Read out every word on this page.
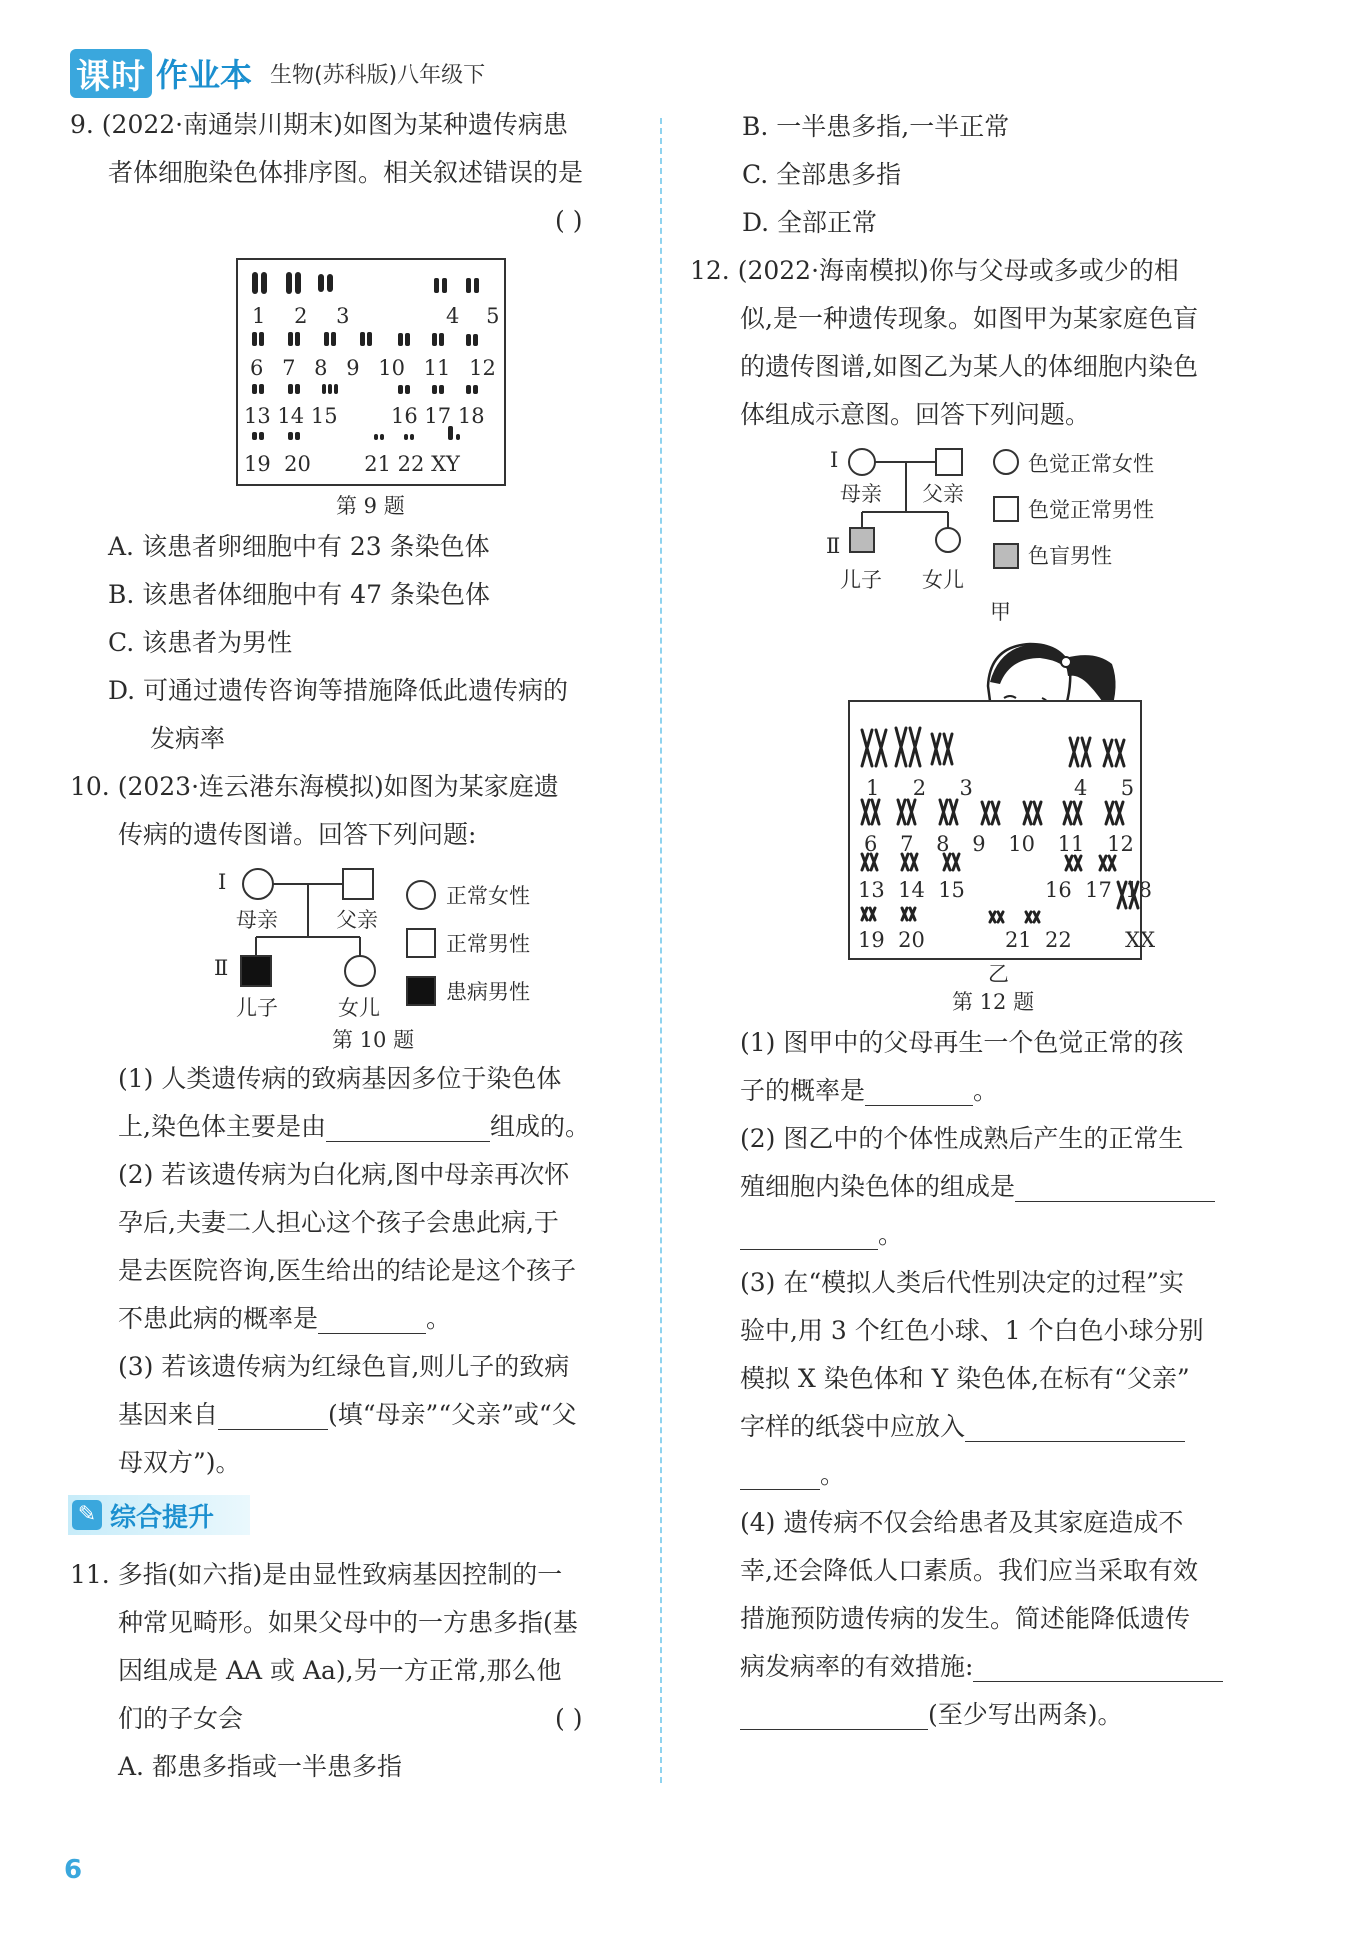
课时 作业本 生物(苏科版)八年级下
9. (2022·南通崇川期末)如图为某种遗传病患
者体细胞染色体排序图。相关叙述错误的是
( )
1 2 3	4 5
6 7 8 9 10 11 12
13 14 15	16 17 18
19 20	21 22 XY
第 9 题
A. 该患者卵细胞中有 23 条染色体
B. 该患者体细胞中有 47 条染色体
C. 该患者为男性
D. 可通过遗传咨询等措施降低此遗传病的
发病率
10. (2023·连云港东海模拟)如图为某家庭遗
传病的遗传图谱。回答下列问题:
Ⅰ
Ⅱ
母亲	父亲
儿子	女儿
正常女性
正常男性
患病男性
第 10 题
(1) 人类遗传病的致病基因多位于染色体
上,染色体主要是由	组成的。
(2) 若该遗传病为白化病,图中母亲再次怀
孕后,夫妻二人担心这个孩子会患此病,于
是去医院咨询,医生给出的结论是这个孩子
不患此病的概率是	。
(3) 若该遗传病为红绿色盲,则儿子的致病
基因来自	(填“母亲”“父亲”或“父
母双方”)。
✎ 综合提升
11. 多指(如六指)是由显性致病基因控制的一
种常见畸形。如果父母中的一方患多指(基
因组成是 AA 或 Aa),另一方正常,那么他
们的子女会	( )
A. 都患多指或一半患多指
B. 一半患多指,一半正常
C. 全部患多指
D. 全部正常
12. (2022·海南模拟)你与父母或多或少的相
似,是一种遗传现象。如图甲为某家庭色盲
的遗传图谱,如图乙为某人的体细胞内染色
体组成示意图。回答下列问题。
Ⅰ
Ⅱ
母亲 父亲
儿子 女儿
色觉正常女性
色觉正常男性
色盲男性
甲
1 2 3	4 5
6 7 8 9 10 11 12
13 14 15	16 17 18
19 20	21 22	XX
乙
第 12 题
(1) 图甲中的父母再生一个色觉正常的孩
子的概率是	。
(2) 图乙中的个体性成熟后产生的正常生
殖细胞内染色体的组成是
。
(3) 在“模拟人类后代性别决定的过程”实
验中,用 3 个红色小球、1 个白色小球分别
模拟 X 染色体和 Y 染色体,在标有“父亲”
字样的纸袋中应放入
。
(4) 遗传病不仅会给患者及其家庭造成不
幸,还会降低人口素质。我们应当采取有效
措施预防遗传病的发生。简述能降低遗传
病发病率的有效措施:
(至少写出两条)。
6
